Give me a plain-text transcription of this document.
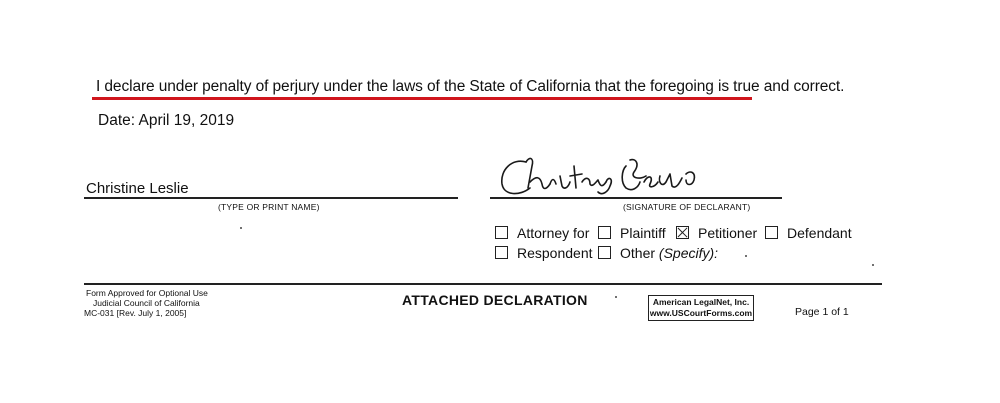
I declare under penalty of perjury under the laws of the State of California that the foregoing is true and correct.
Date: April 19, 2019
Christine Leslie
(TYPE OR PRINT NAME)	(SIGNATURE OF DECLARANT)
Attorney for Plaintiff Petitioner Defendant
Respondent Other (Specify):
Form Approved for Optional Use
Judicial Council of California
MC-031 [Rev. July 1, 2005]
ATTACHED DECLARATION	American LegalNet, Inc.
www.USCourtForms.com	Page 1 of 1
